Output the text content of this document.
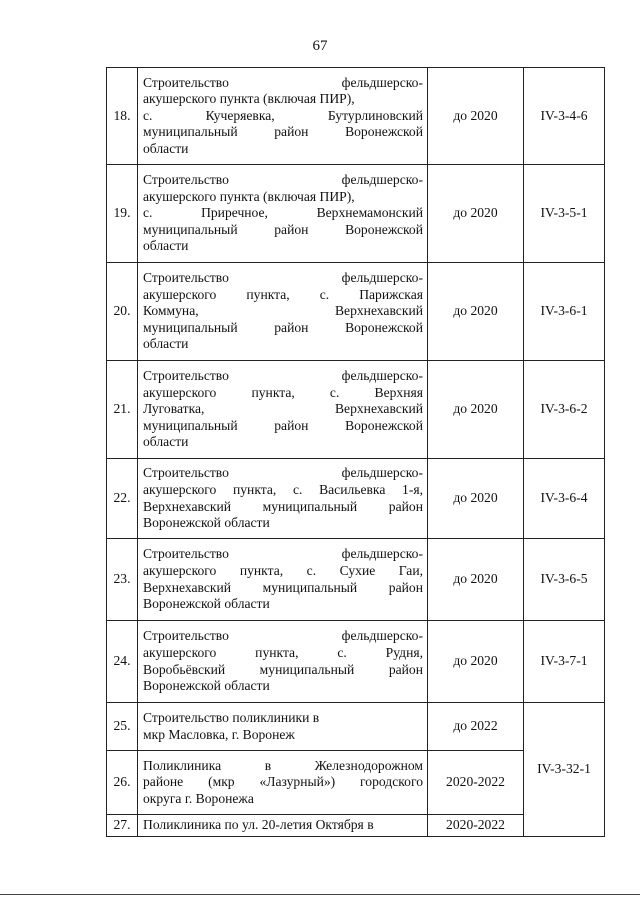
67
18.	Строительство фельдшерско-
акушерского пункта (включая ПИР),
с. Кучеряевка, Бутурлиновский
муниципальный район Воронежской
области	до 2020	IV-3-4-6
19.	Строительство фельдшерско-
акушерского пункта (включая ПИР),
с. Приречное, Верхнемамонский
муниципальный район Воронежской
области	до 2020	IV-3-5-1
20.	Строительство фельдшерско-
акушерского пункта, с. Парижская
Коммуна, Верхнехавский
муниципальный район Воронежской
области	до 2020	IV-3-6-1
21.	Строительство фельдшерско-
акушерского пункта, с. Верхняя
Луговатка, Верхнехавский
муниципальный район Воронежской
области	до 2020	IV-3-6-2
22.	Строительство фельдшерско-
акушерского пункта, с. Васильевка 1-я,
Верхнехавский муниципальный район
Воронежской области	до 2020	IV-3-6-4
23.	Строительство фельдшерско-
акушерского пункта, с. Сухие Гаи,
Верхнехавский муниципальный район
Воронежской области	до 2020	IV-3-6-5
24.	Строительство фельдшерско-
акушерского пункта, с. Рудня,
Воробьёвский муниципальный район
Воронежской области	до 2020	IV-3-7-1
25.	Строительство поликлиники в
мкр Масловка, г. Воронеж	до 2022	IV-3-32-1
26.	Поликлиника в Железнодорожном
районе (мкр «Лазурный») городского
округа г. Воронежа	2020-2022	
27.	Поликлиника по ул. 20-летия Октября в	2020-2022	
